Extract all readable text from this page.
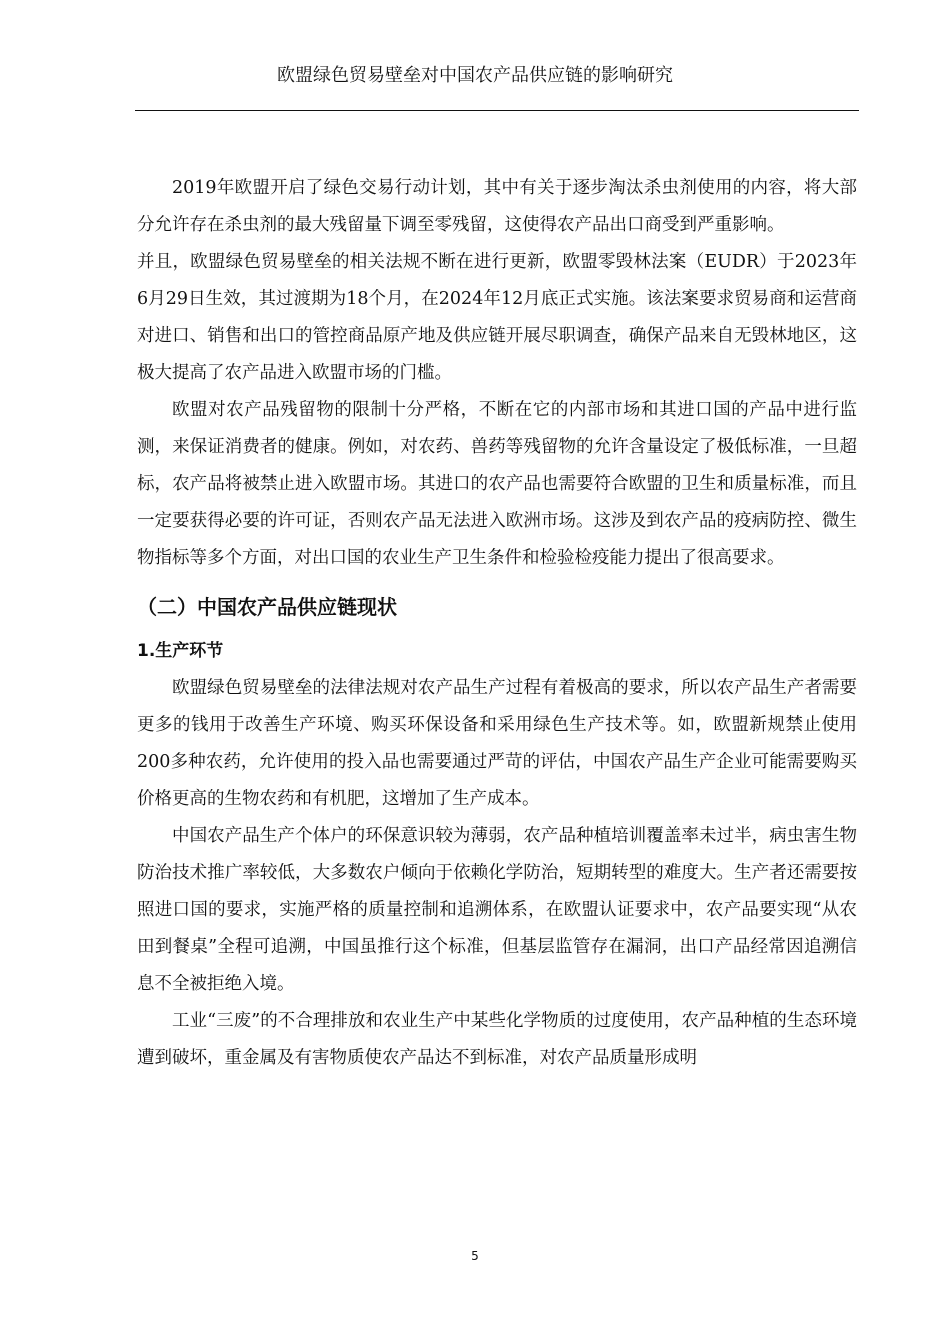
欧盟绿色贸易壁垒对中国农产品供应链的影响研究

2019年欧盟开启了绿色交易行动计划，其中有关于逐步淘汰杀虫剂使用的内容，将大部分允许存在杀虫剂的最大残留量下调至零残留，这使得农产品出口商受到严重影响。

并且，欧盟绿色贸易壁垒的相关法规不断在进行更新，欧盟零毁林法案（EUDR）于2023年6月29日生效，其过渡期为18个月，在2024年12月底正式实施。该法案要求贸易商和运营商对进口、销售和出口的管控商品原产地及供应链开展尽职调查，确保产品来自无毁林地区，这极大提高了农产品进入欧盟市场的门槛。

欧盟对农产品残留物的限制十分严格，不断在它的内部市场和其进口国的产品中进行监测，来保证消费者的健康。例如，对农药、兽药等残留物的允许含量设定了极低标准，一旦超标，农产品将被禁止进入欧盟市场。其进口的农产品也需要符合欧盟的卫生和质量标准，而且一定要获得必要的许可证，否则农产品无法进入欧洲市场。这涉及到农产品的疫病防控、微生物指标等多个方面，对出口国的农业生产卫生条件和检验检疫能力提出了很高要求。

（二）中国农产品供应链现状
1.生产环节

欧盟绿色贸易壁垒的法律法规对农产品生产过程有着极高的要求，所以农产品生产者需要更多的钱用于改善生产环境、购买环保设备和采用绿色生产技术等。如，欧盟新规禁止使用200多种农药，允许使用的投入品也需要通过严苛的评估，中国农产品生产企业可能需要购买价格更高的生物农药和有机肥，这增加了生产成本。

中国农产品生产个体户的环保意识较为薄弱，农产品种植培训覆盖率未过半，病虫害生物防治技术推广率较低，大多数农户倾向于依赖化学防治，短期转型的难度大。生产者还需要按照进口国的要求，实施严格的质量控制和追溯体系，在欧盟认证要求中，农产品要实现“从农田到餐桌”全程可追溯，中国虽推行这个标准，但基层监管存在漏洞，出口产品经常因追溯信息不全被拒绝入境。

工业“三废”的不合理排放和农业生产中某些化学物质的过度使用，农产品种植的生态环境遭到破坏，重金属及有害物质使农产品达不到标准，对农产品质量形成明

5
